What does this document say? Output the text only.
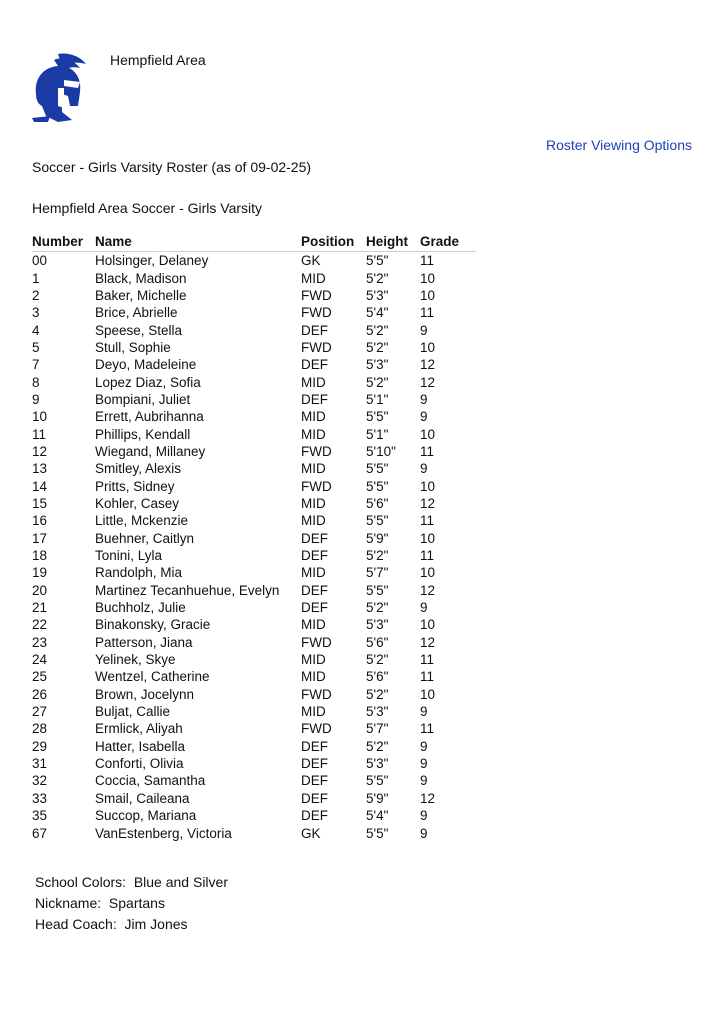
Hempfield Area
Roster Viewing Options
Soccer - Girls Varsity Roster (as of 09-02-25)
Hempfield Area Soccer - Girls Varsity
Number	Name	Position	Height	Grade
00	Holsinger, Delaney	GK	5'5"	11
1	Black, Madison	MID	5'2"	10
2	Baker, Michelle	FWD	5'3"	10
3	Brice, Abrielle	FWD	5'4"	11
4	Speese, Stella	DEF	5'2"	9
5	Stull, Sophie	FWD	5'2"	10
7	Deyo, Madeleine	DEF	5'3"	12
8	Lopez Diaz, Sofia	MID	5'2"	12
9	Bompiani, Juliet	DEF	5'1"	9
10	Errett, Aubrihanna	MID	5'5"	9
11	Phillips, Kendall	MID	5'1"	10
12	Wiegand, Millaney	FWD	5'10"	11
13	Smitley, Alexis	MID	5'5"	9
14	Pritts, Sidney	FWD	5'5"	10
15	Kohler, Casey	MID	5'6"	12
16	Little, Mckenzie	MID	5'5"	11
17	Buehner, Caitlyn	DEF	5'9"	10
18	Tonini, Lyla	DEF	5'2"	11
19	Randolph, Mia	MID	5'7"	10
20	Martinez Tecanhuehue, Evelyn	DEF	5'5"	12
21	Buchholz, Julie	DEF	5'2"	9
22	Binakonsky, Gracie	MID	5'3"	10
23	Patterson, Jiana	FWD	5'6"	12
24	Yelinek, Skye	MID	5'2"	11
25	Wentzel, Catherine	MID	5'6"	11
26	Brown, Jocelynn	FWD	5'2"	10
27	Buljat, Callie	MID	5'3"	9
28	Ermlick, Aliyah	FWD	5'7"	11
29	Hatter, Isabella	DEF	5'2"	9
31	Conforti, Olivia	DEF	5'3"	9
32	Coccia, Samantha	DEF	5'5"	9
33	Smail, Caileana	DEF	5'9"	12
35	Succop, Mariana	DEF	5'4"	9
67	VanEstenberg, Victoria	GK	5'5"	9
School Colors:  Blue and Silver
Nickname:  Spartans
Head Coach:  Jim Jones
